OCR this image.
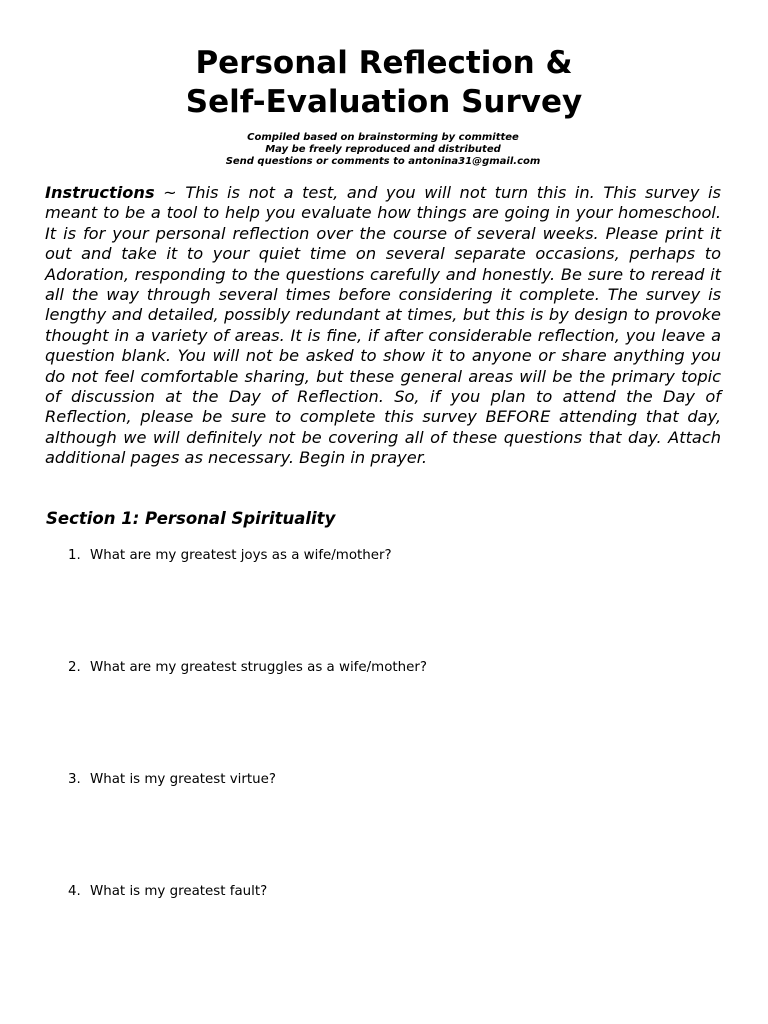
Personal Reflection &
Self-Evaluation Survey
Compiled based on brainstorming by committee
May be freely reproduced and distributed
Send questions or comments to antonina31@gmail.com

Instructions ~ This is not a test, and you will not turn this in. This survey is meant to be a tool to help you evaluate how things are going in your homeschool. It is for your personal reflection over the course of several weeks. Please print it out and take it to your quiet time on several separate occasions, perhaps to Adoration, responding to the questions carefully and honestly. Be sure to reread it all the way through several times before considering it complete. The survey is lengthy and detailed, possibly redundant at times, but this is by design to provoke thought in a variety of areas. It is fine, if after considerable reflection, you leave a question blank. You will not be asked to show it to anyone or share anything you do not feel comfortable sharing, but these general areas will be the primary topic of discussion at the Day of Reflection. So, if you plan to attend the Day of Reflection, please be sure to complete this survey BEFORE attending that day, although we will definitely not be covering all of these questions that day. Attach additional pages as necessary. Begin in prayer.

Section 1: Personal Spirituality
1. What are my greatest joys as a wife/mother?
2. What are my greatest struggles as a wife/mother?
3. What is my greatest virtue?
4. What is my greatest fault?
